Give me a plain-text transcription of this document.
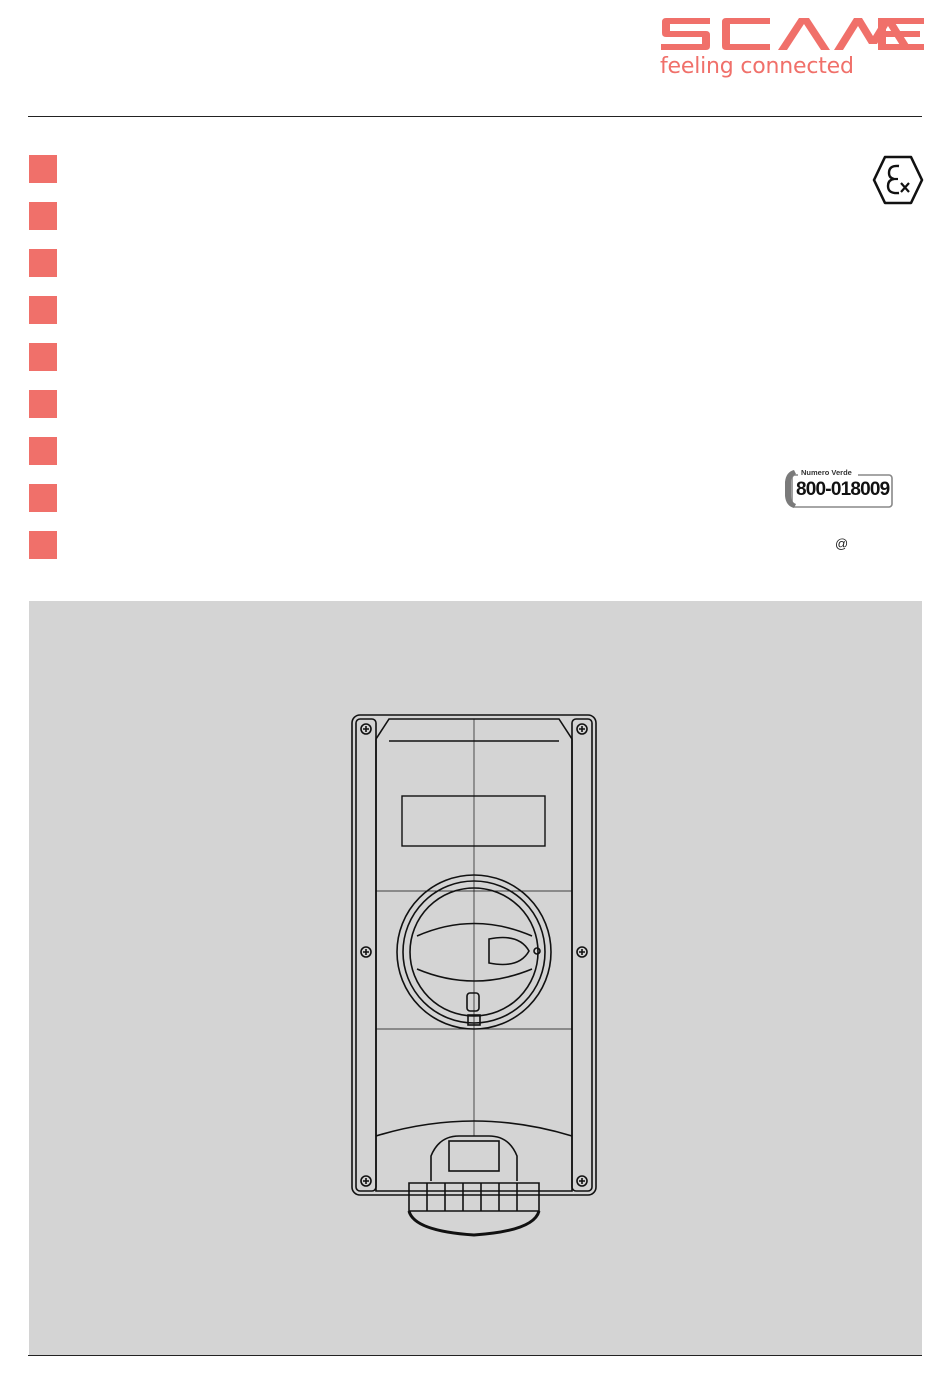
feeling connected
Numero Verde
800-018009
@
